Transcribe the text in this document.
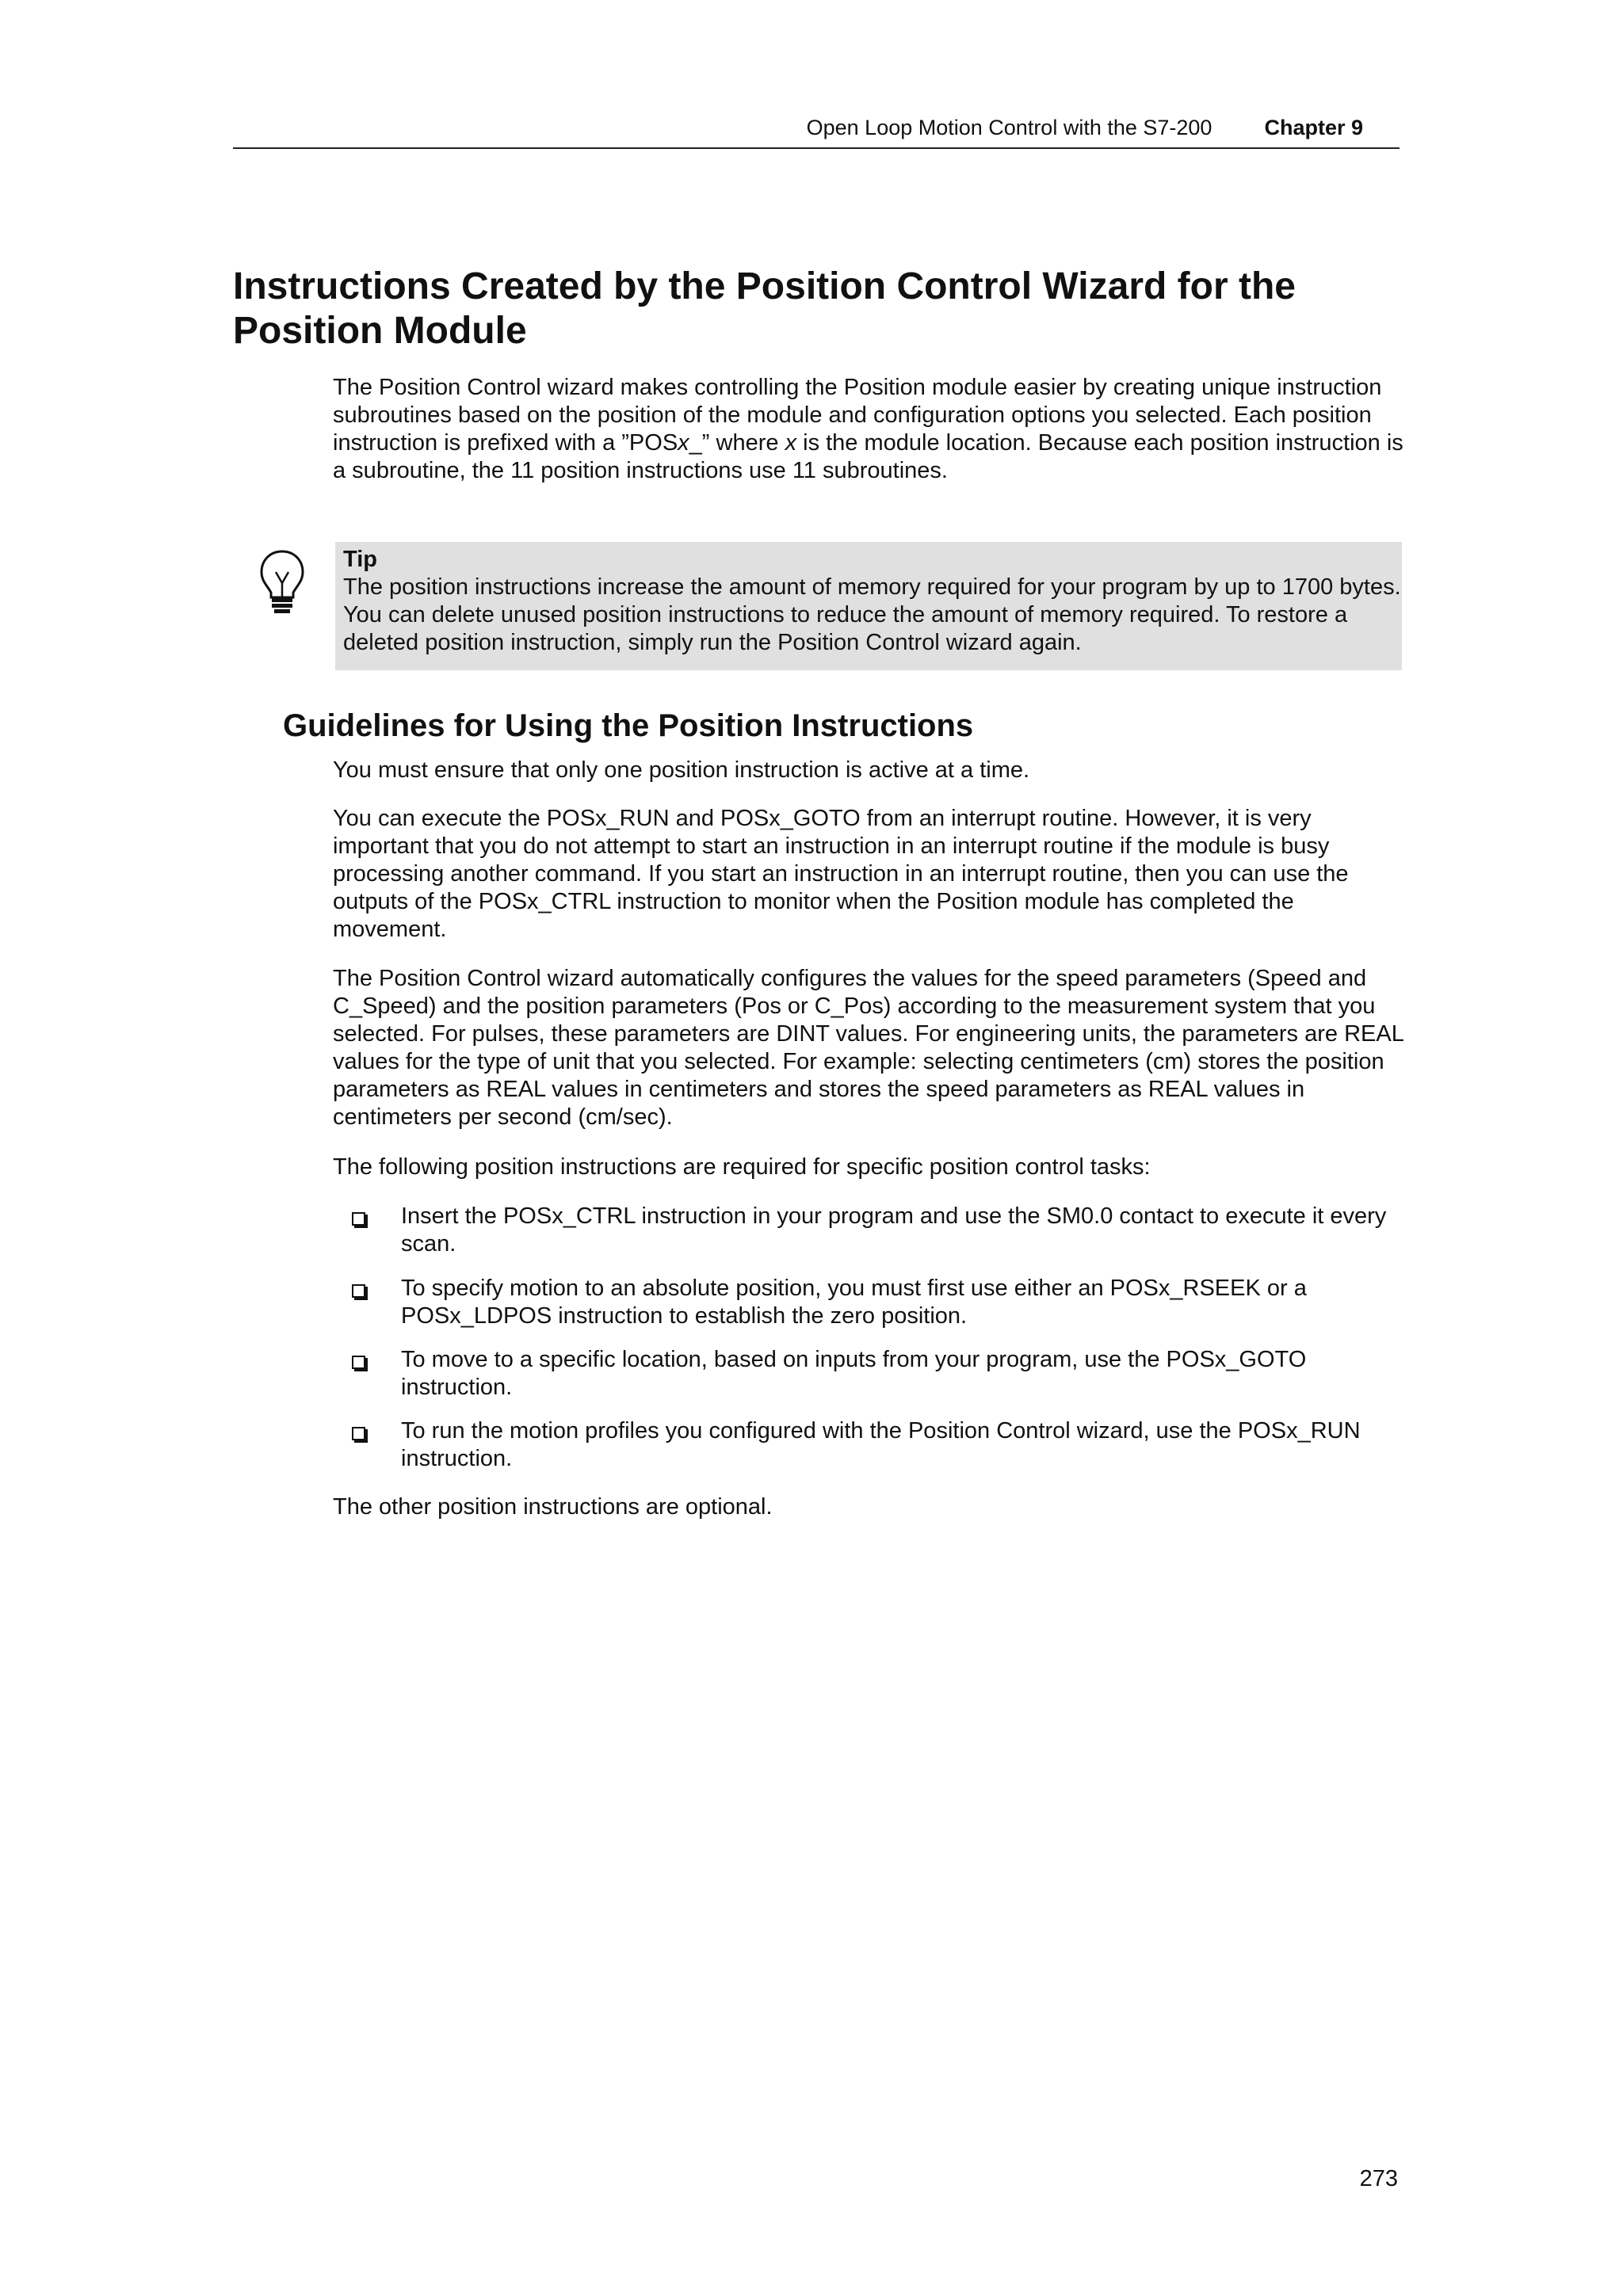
Open Loop Motion Control with the S7-200 Chapter 9
Instructions Created by the Position Control Wizard for the Position Module

The Position Control wizard makes controlling the Position module easier by creating unique instruction subroutines based on the position of the module and configuration options you selected. Each position instruction is prefixed with a ”POSx_” where x is the module location. Because each position instruction is a subroutine, the 11 position instructions use 11 subroutines.

Tip

The position instructions increase the amount of memory required for your program by up to 1700 bytes. You can delete unused position instructions to reduce the amount of memory required. To restore a deleted position instruction, simply run the Position Control wizard again.

Guidelines for Using the Position Instructions

You must ensure that only one position instruction is active at a time.

You can execute the POSx_RUN and POSx_GOTO from an interrupt routine. However, it is very important that you do not attempt to start an instruction in an interrupt routine if the module is busy processing another command. If you start an instruction in an interrupt routine, then you can use the outputs of the POSx_CTRL instruction to monitor when the Position module has completed the movement.

The Position Control wizard automatically configures the values for the speed parameters (Speed and C_Speed) and the position parameters (Pos or C_Pos) according to the measurement system that you selected. For pulses, these parameters are DINT values. For engineering units, the parameters are REAL values for the type of unit that you selected. For example: selecting centimeters (cm) stores the position parameters as REAL values in centimeters and stores the speed parameters as REAL values in centimeters per second (cm/sec).

The following position instructions are required for specific position control tasks:

Insert the POSx_CTRL instruction in your program and use the SM0.0 contact to execute it every scan.

To specify motion to an absolute position, you must first use either an POSx_RSEEK or a POSx_LDPOS instruction to establish the zero position.

To move to a specific location, based on inputs from your program, use the POSx_GOTO instruction.

To run the motion profiles you configured with the Position Control wizard, use the POSx_RUN instruction.

The other position instructions are optional.

273
